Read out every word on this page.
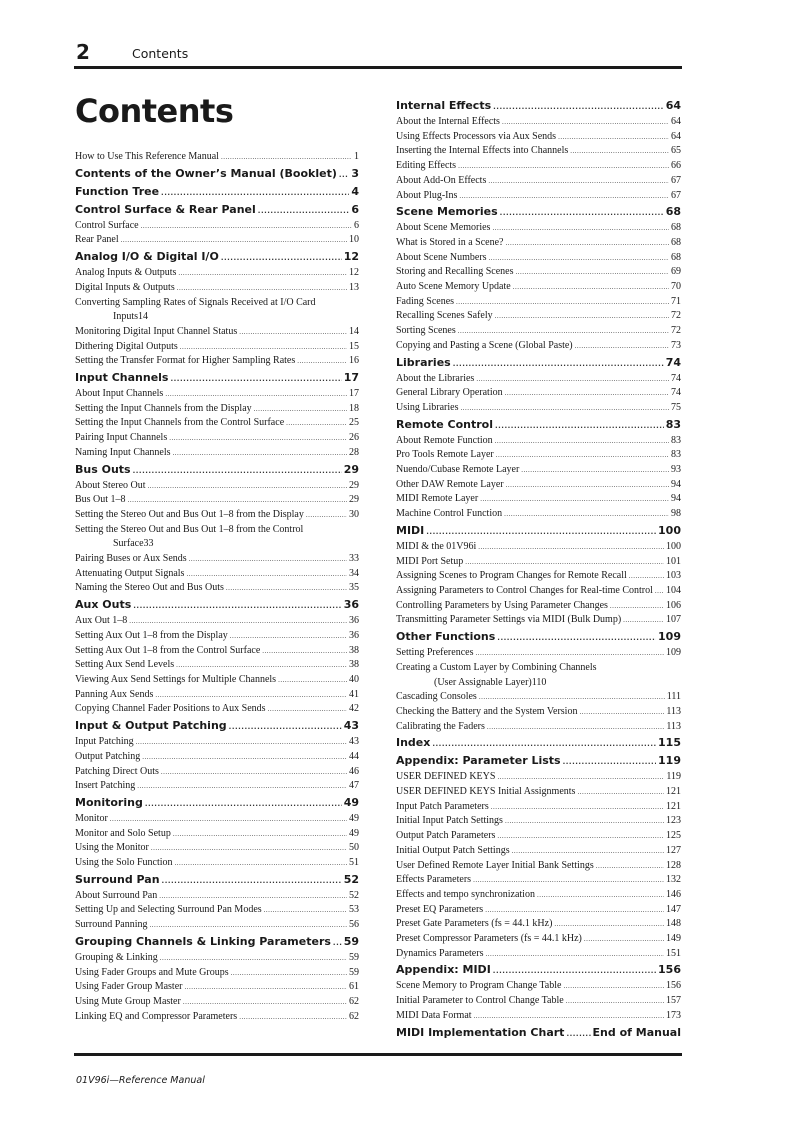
2	Contents
Contents
How to Use This Reference Manual .....	1
Contents of the Owner’s Manual (Booklet) ..... 3
Function Tree .....	4
Control Surface & Rear Panel .....	6
Control Surface .....	6
Rear Panel .....	10
Analog I/O & Digital I/O .....	12
Analog Inputs & Outputs .....	12
Digital Inputs & Outputs .....	13
Converting Sampling Rates of Signals Received at I/O Card
Inputs 14
Monitoring Digital Input Channel Status .....	14
Dithering Digital Outputs .....	15
Setting the Transfer Format for Higher Sampling Rates .....	16
Input Channels .....	17
About Input Channels .....	17
Setting the Input Channels from the Display .....	18
Setting the Input Channels from the Control Surface .....	25
Pairing Input Channels .....	26
Naming Input Channels .....	28
Bus Outs .....	29
About Stereo Out .....	29
Bus Out 1–8 .....	29
Setting the Stereo Out and Bus Out 1–8 from the Display .....	30
Setting the Stereo Out and Bus Out 1–8 from the Control
Surface 33
Pairing Buses or Aux Sends .....	33
Attenuating Output Signals .....	34
Naming the Stereo Out and Bus Outs .....	35
Aux Outs .....	36
Aux Out 1–8 .....	36
Setting Aux Out 1–8 from the Display .....	36
Setting Aux Out 1–8 from the Control Surface .....	38
Setting Aux Send Levels .....	38
Viewing Aux Send Settings for Multiple Channels .....	40
Panning Aux Sends .....	41
Copying Channel Fader Positions to Aux Sends .....	42
Input & Output Patching .....	43
Input Patching .....	43
Output Patching .....	44
Patching Direct Outs .....	46
Insert Patching .....	47
Monitoring .....	49
Monitor .....	49
Monitor and Solo Setup .....	49
Using the Monitor .....	50
Using the Solo Function .....	51
Surround Pan .....	52
About Surround Pan .....	52
Setting Up and Selecting Surround Pan Modes .....	53
Surround Panning .....	56
Grouping Channels & Linking Parameters ..... 59
Grouping & Linking .....	59
Using Fader Groups and Mute Groups .....	59
Using Fader Group Master .....	61
Using Mute Group Master .....	62
Linking EQ and Compressor Parameters .....	62
Internal Effects .....	64
About the Internal Effects .....	64
Using Effects Processors via Aux Sends .....	64
Inserting the Internal Effects into Channels .....	65
Editing Effects .....	66
About Add-On Effects .....	67
About Plug-Ins .....	67
Scene Memories .....	68
About Scene Memories .....	68
What is Stored in a Scene? .....	68
About Scene Numbers .....	68
Storing and Recalling Scenes .....	69
Auto Scene Memory Update .....	70
Fading Scenes .....	71
Recalling Scenes Safely .....	72
Sorting Scenes .....	72
Copying and Pasting a Scene (Global Paste) .....	73
Libraries .....	74
About the Libraries .....	74
General Library Operation .....	74
Using Libraries .....	75
Remote Control .....	83
About Remote Function .....	83
Pro Tools Remote Layer .....	83
Nuendo/Cubase Remote Layer .....	93
Other DAW Remote Layer .....	94
MIDI Remote Layer .....	94
Machine Control Function .....	98
MIDI .....	100
MIDI & the 01V96i .....	100
MIDI Port Setup .....	101
Assigning Scenes to Program Changes for Remote Recall .....	103
Assigning Parameters to Control Changes for Real-time Control ..... 104
Controlling Parameters by Using Parameter Changes .....	106
Transmitting Parameter Settings via MIDI (Bulk Dump) .....	107
Other Functions .....	109
Setting Preferences .....	109
Creating a Custom Layer by Combining Channels
(User Assignable Layer) 110
Cascading Consoles .....	111
Checking the Battery and the System Version .....	113
Calibrating the Faders .....	113
Index .....	115
Appendix: Parameter Lists .....	119
USER DEFINED KEYS .....	119
USER DEFINED KEYS Initial Assignments .....	121
Input Patch Parameters .....	121
Initial Input Patch Settings .....	123
Output Patch Parameters .....	125
Initial Output Patch Settings .....	127
User Defined Remote Layer Initial Bank Settings .....	128
Effects Parameters .....	132
Effects and tempo synchronization .....	146
Preset EQ Parameters .....	147
Preset Gate Parameters (fs = 44.1 kHz) .....	148
Preset Compressor Parameters (fs = 44.1 kHz) .....	149
Dynamics Parameters .....	151
Appendix: MIDI .....	156
Scene Memory to Program Change Table .....	156
Initial Parameter to Control Change Table .....	157
MIDI Data Format .....	173
MIDI Implementation Chart .....	End of Manual
01V96i—Reference Manual
